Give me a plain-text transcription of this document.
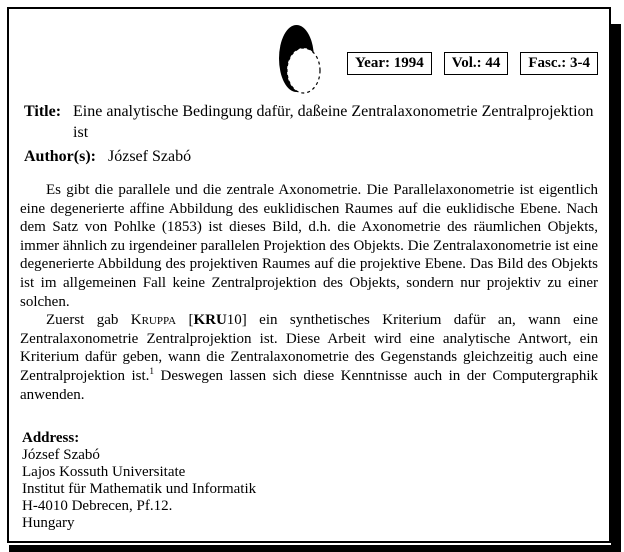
Year: 1994	Vol.: 44	Fasc.: 3-4
Title: Eine analytische Bedingung dafür, daßeine Zentralaxonometrie Zentralprojektion ist
Author(s): József Szabó

Es gibt die parallele und die zentrale Axonometrie. Die Parallelaxonometrie ist eigentlich eine degenerierte affine Abbildung des euklidischen Raumes auf die euklidische Ebene. Nach dem Satz von Pohlke (1853) ist dieses Bild, d.h. die Axonometrie des räumlichen Objekts, immer ähnlich zu irgendeiner parallelen Projektion des Objekts. Die Zentralaxonometrie ist eine degenerierte Abbildung des projektiven Raumes auf die projektive Ebene. Das Bild des Objekts ist im allgemeinen Fall keine Zentralprojektion des Objekts, sondern nur projektiv zu einer solchen.

Zuerst gab Kruppa [KRU10] ein synthetisches Kriterium dafür an, wann eine Zentralaxonometrie Zentralprojektion ist. Diese Arbeit wird eine analytische Antwort, ein Kriterium dafür geben, wann die Zentralaxonometrie des Gegenstands gleichzeitig auch eine Zentralprojektion ist.$^1$ Deswegen lassen sich diese Kenntnisse auch in der Computergraphik anwenden.

Address:
József Szabó
Lajos Kossuth Universitate
Institut für Mathematik und Informatik
H-4010 Debrecen, Pf.12.
Hungary
